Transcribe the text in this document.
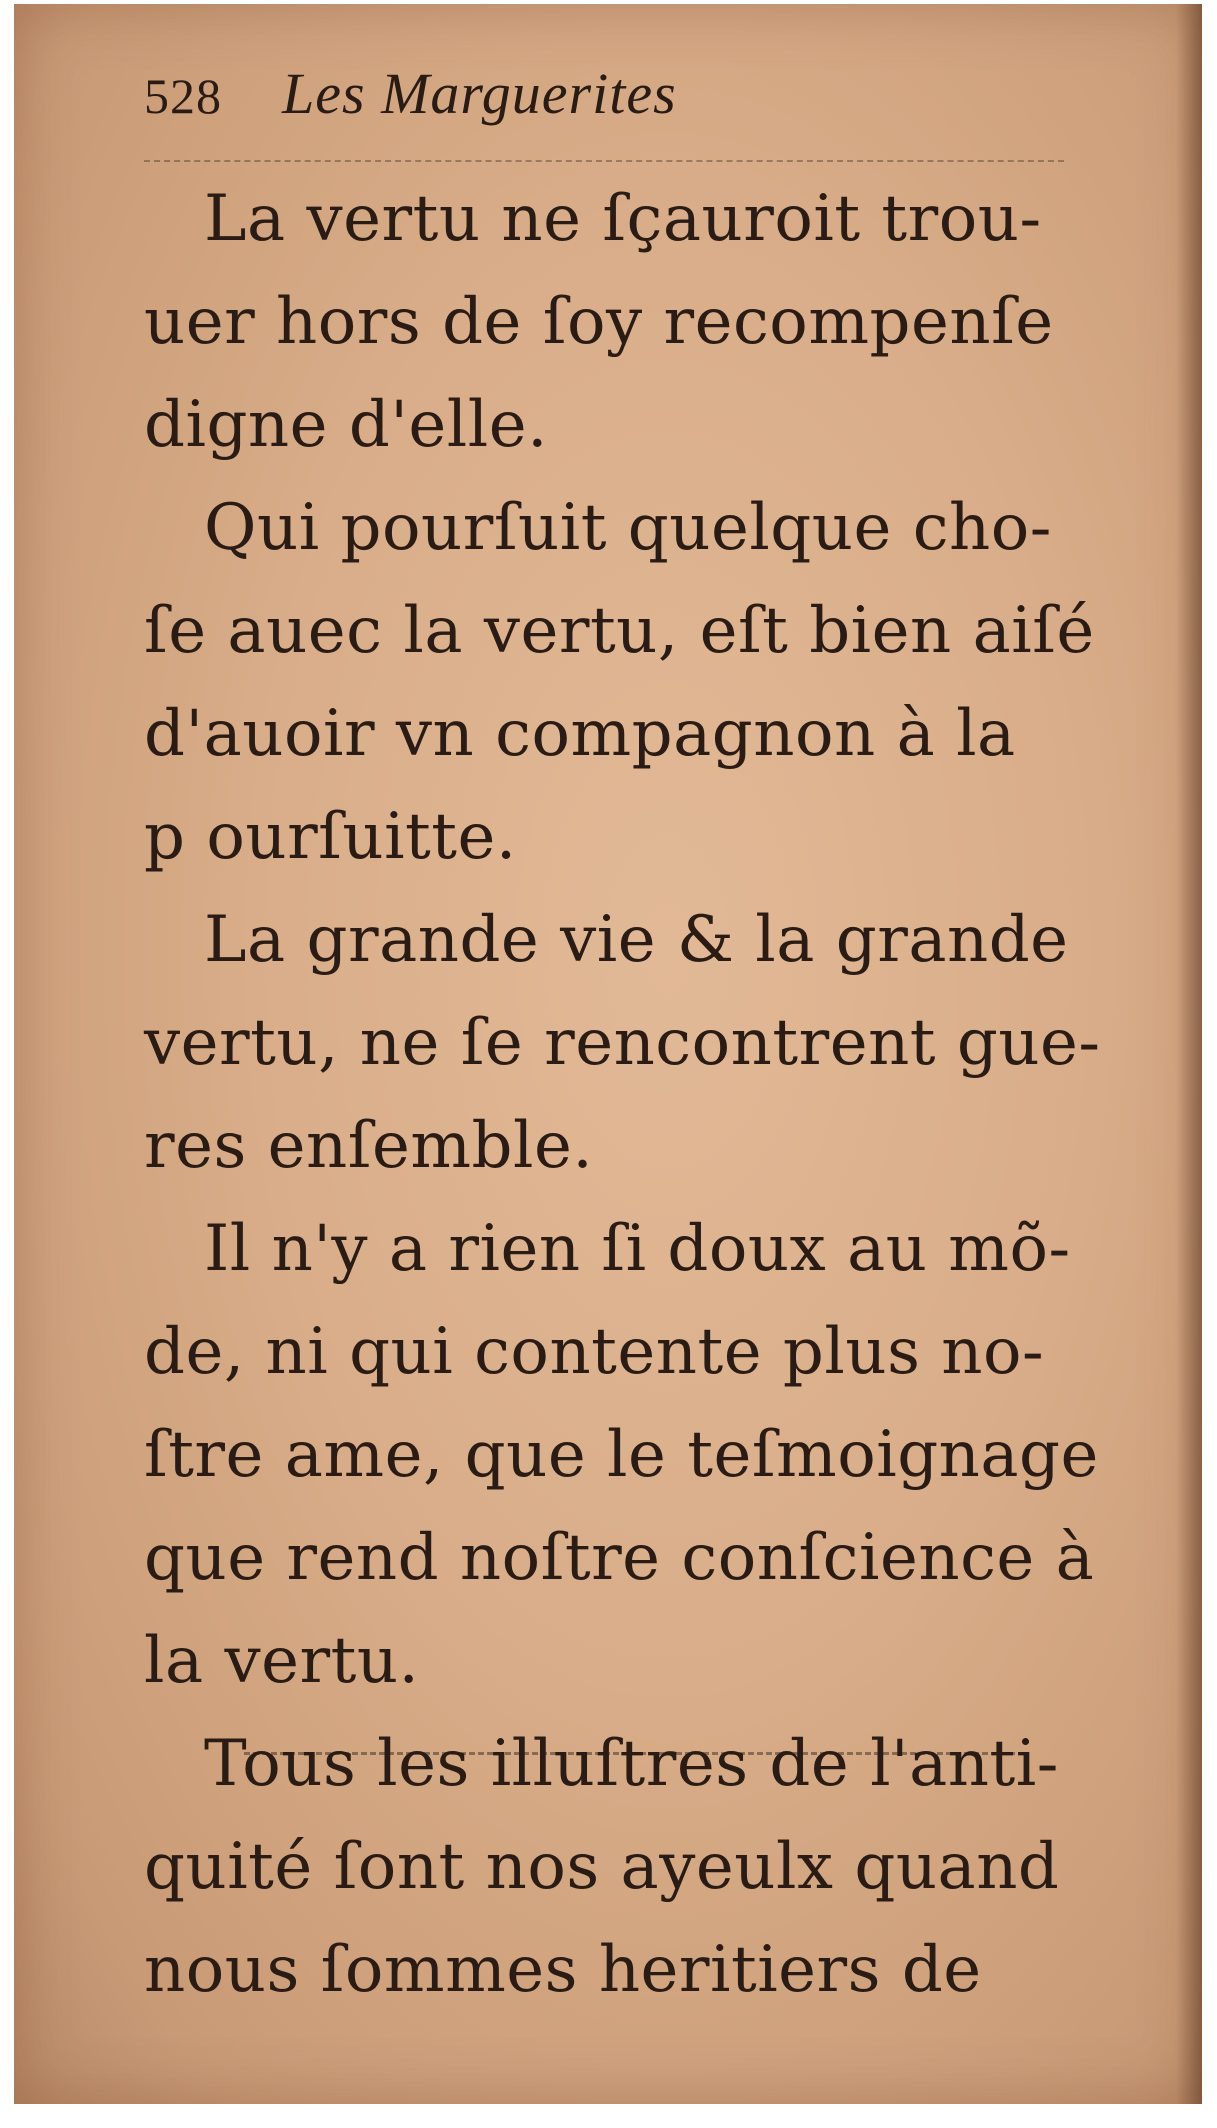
528 Les Marguerites
La vertu ne ſçauroit trou-
uer hors de ſoy recompenſe
digne d'elle.
Qui pourſuit quelque cho-
ſe auec la vertu, eſt bien aiſé
d'auoir vn compagnon à la
p ourſuitte.
La grande vie & la grande
vertu, ne ſe rencontrent gue-
res enſemble.
Il n'y a rien ſi doux au mõ-
de, ni qui contente plus no-
ſtre ame, que le teſmoignage
que rend noſtre conſcience à
la vertu.
Tous les illuſtres de l'anti-
quité ſont nos ayeulx quand
nous ſommes heritiers de
